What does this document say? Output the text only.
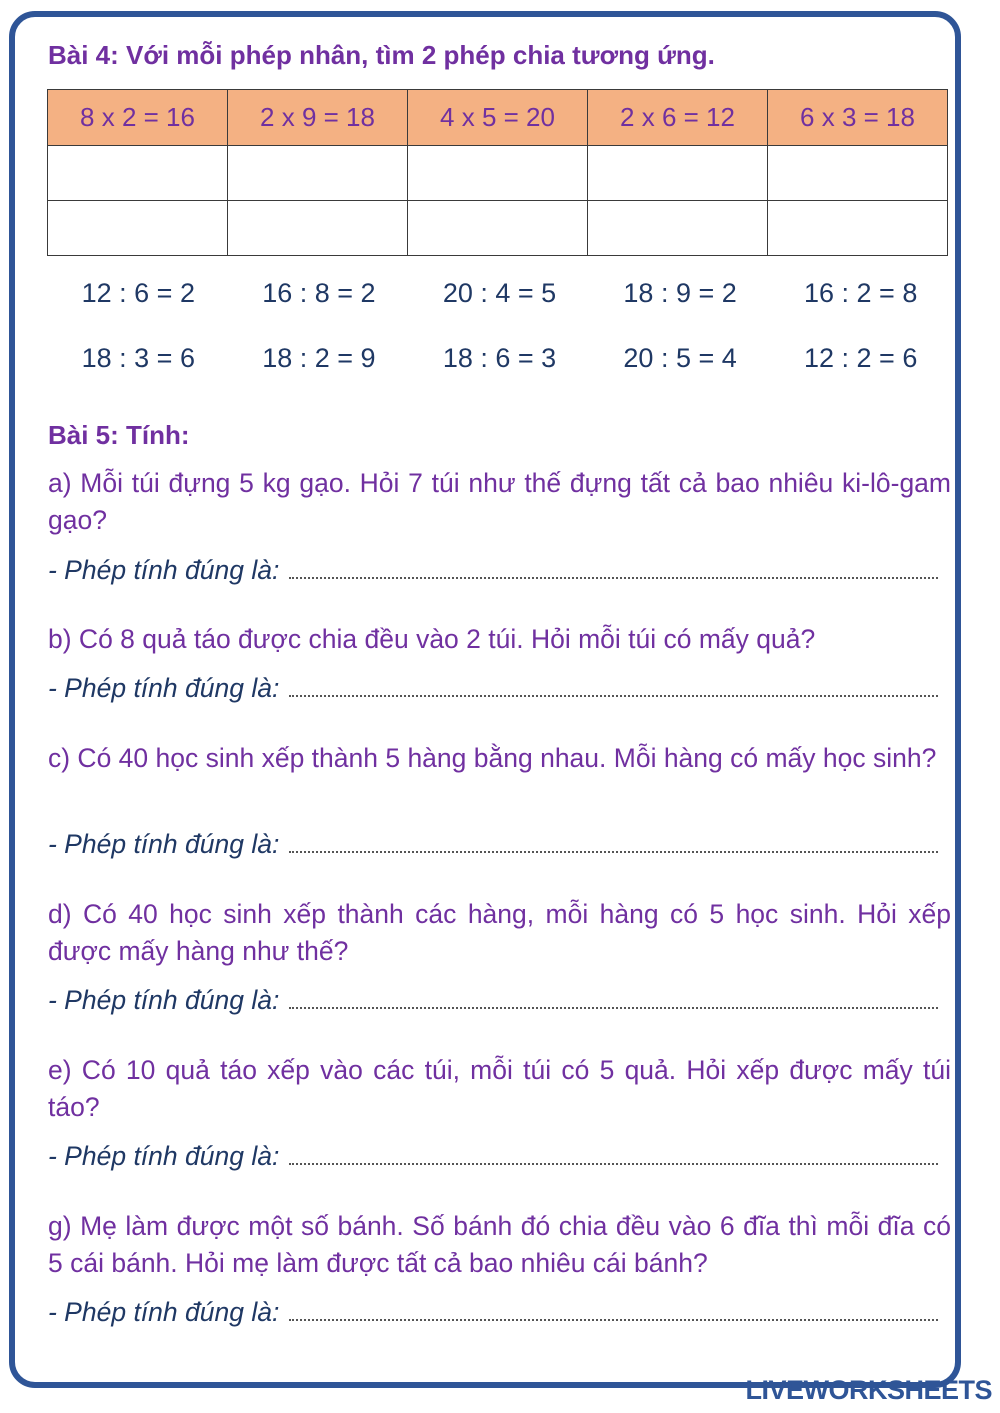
Bài 4: Với mỗi phép nhân, tìm 2 phép chia tương ứng.
8 x 2 = 16	2 x 9 = 18	4 x 5 = 20	2 x 6 = 12	6 x 3 = 18

12 : 6 = 2	16 : 8 = 2	20 : 4 = 5	18 : 9 = 2	16 : 2 = 8
18 : 3 = 6	18 : 2 = 9	18 : 6 = 3	20 : 5 = 4	12 : 2 = 6
Bài 5: Tính:
a) Mỗi túi đựng 5 kg gạo. Hỏi 7 túi như thế đựng tất cả bao nhiêu ki-lô-gam gạo?
- Phép tính đúng là:
b) Có 8 quả táo được chia đều vào 2 túi. Hỏi mỗi túi có mấy quả?
- Phép tính đúng là:
c) Có 40 học sinh xếp thành 5 hàng bằng nhau. Mỗi hàng có mấy học sinh?
- Phép tính đúng là:
d) Có 40 học sinh xếp thành các hàng, mỗi hàng có 5 học sinh. Hỏi xếp được mấy hàng như thế?
- Phép tính đúng là:
e) Có 10 quả táo xếp vào các túi, mỗi túi có 5 quả. Hỏi xếp được mấy túi táo?
- Phép tính đúng là:
g) Mẹ làm được một số bánh. Số bánh đó chia đều vào 6 đĩa thì mỗi đĩa có 5 cái bánh. Hỏi mẹ làm được tất cả bao nhiêu cái bánh?
- Phép tính đúng là:
LIVEWORKSHEETS
